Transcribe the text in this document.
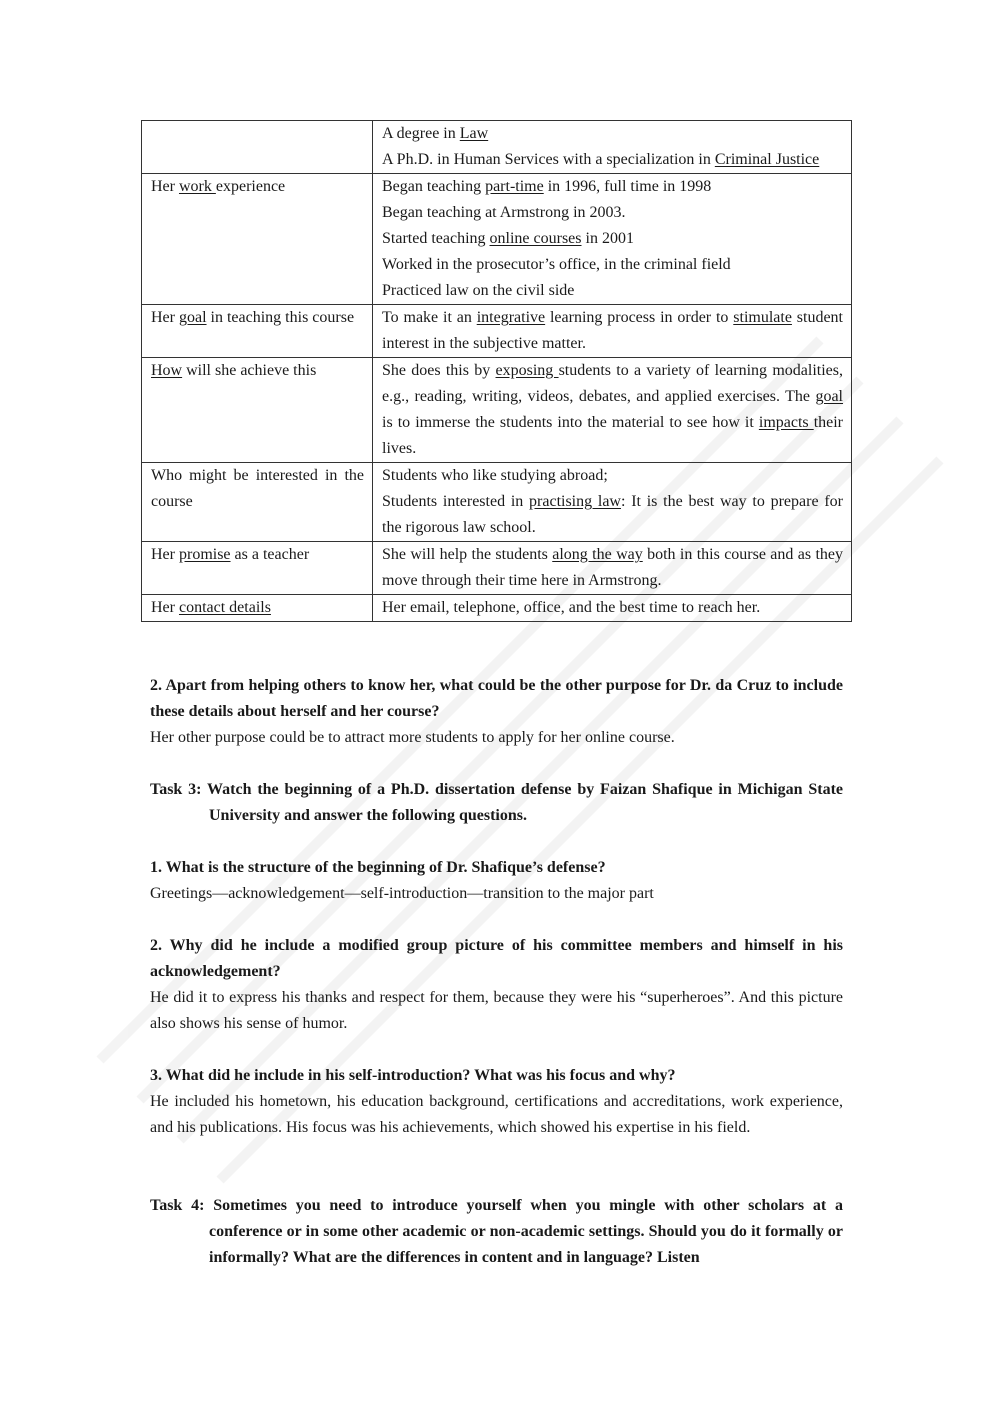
	A degree in Law
A Ph.D. in Human Services with a specialization in Criminal Justice

Her work experience	Began teaching part-time in 1996, full time in 1998
Began teaching at Armstrong in 2003.
Started teaching online courses in 2001
Worked in the prosecutor’s office, in the criminal field
Practiced law on the civil side

Her goal in teaching this course	To make it an integrative learning process in order to stimulate student interest in the subjective matter.

How will she achieve this	She does this by exposing students to a variety of learning modalities, e.g., reading, writing, videos, debates, and applied exercises. The goal is to immerse the students into the material to see how it impacts their lives.

Who might be interested in the course	Students who like studying abroad;
Students interested in practising law: It is the best way to prepare for the rigorous law school.

Her promise as a teacher	She will help the students along the way both in this course and as they move through their time here in Armstrong.

Her contact details	Her email, telephone, office, and the best time to reach her.
2. Apart from helping others to know her, what could be the other purpose for Dr. da Cruz to include these details about herself and her course?
Her other purpose could be to attract more students to apply for her online course.
Task 3: Watch the beginning of a Ph.D. dissertation defense by Faizan Shafique in Michigan State University and answer the following questions.
1. What is the structure of the beginning of Dr. Shafique’s defense?
Greetings—acknowledgement—self-introduction—transition to the major part
2. Why did he include a modified group picture of his committee members and himself in his acknowledgement?
He did it to express his thanks and respect for them, because they were his “superheroes”. And this picture also shows his sense of humor.
3. What did he include in his self-introduction? What was his focus and why?
He included his hometown, his education background, certifications and accreditations, work experience, and his publications. His focus was his achievements, which showed his expertise in his field.
Task 4: Sometimes you need to introduce yourself when you mingle with other scholars at a conference or in some other academic or non-academic settings. Should you do it formally or informally? What are the differences in content and in language? Listen
